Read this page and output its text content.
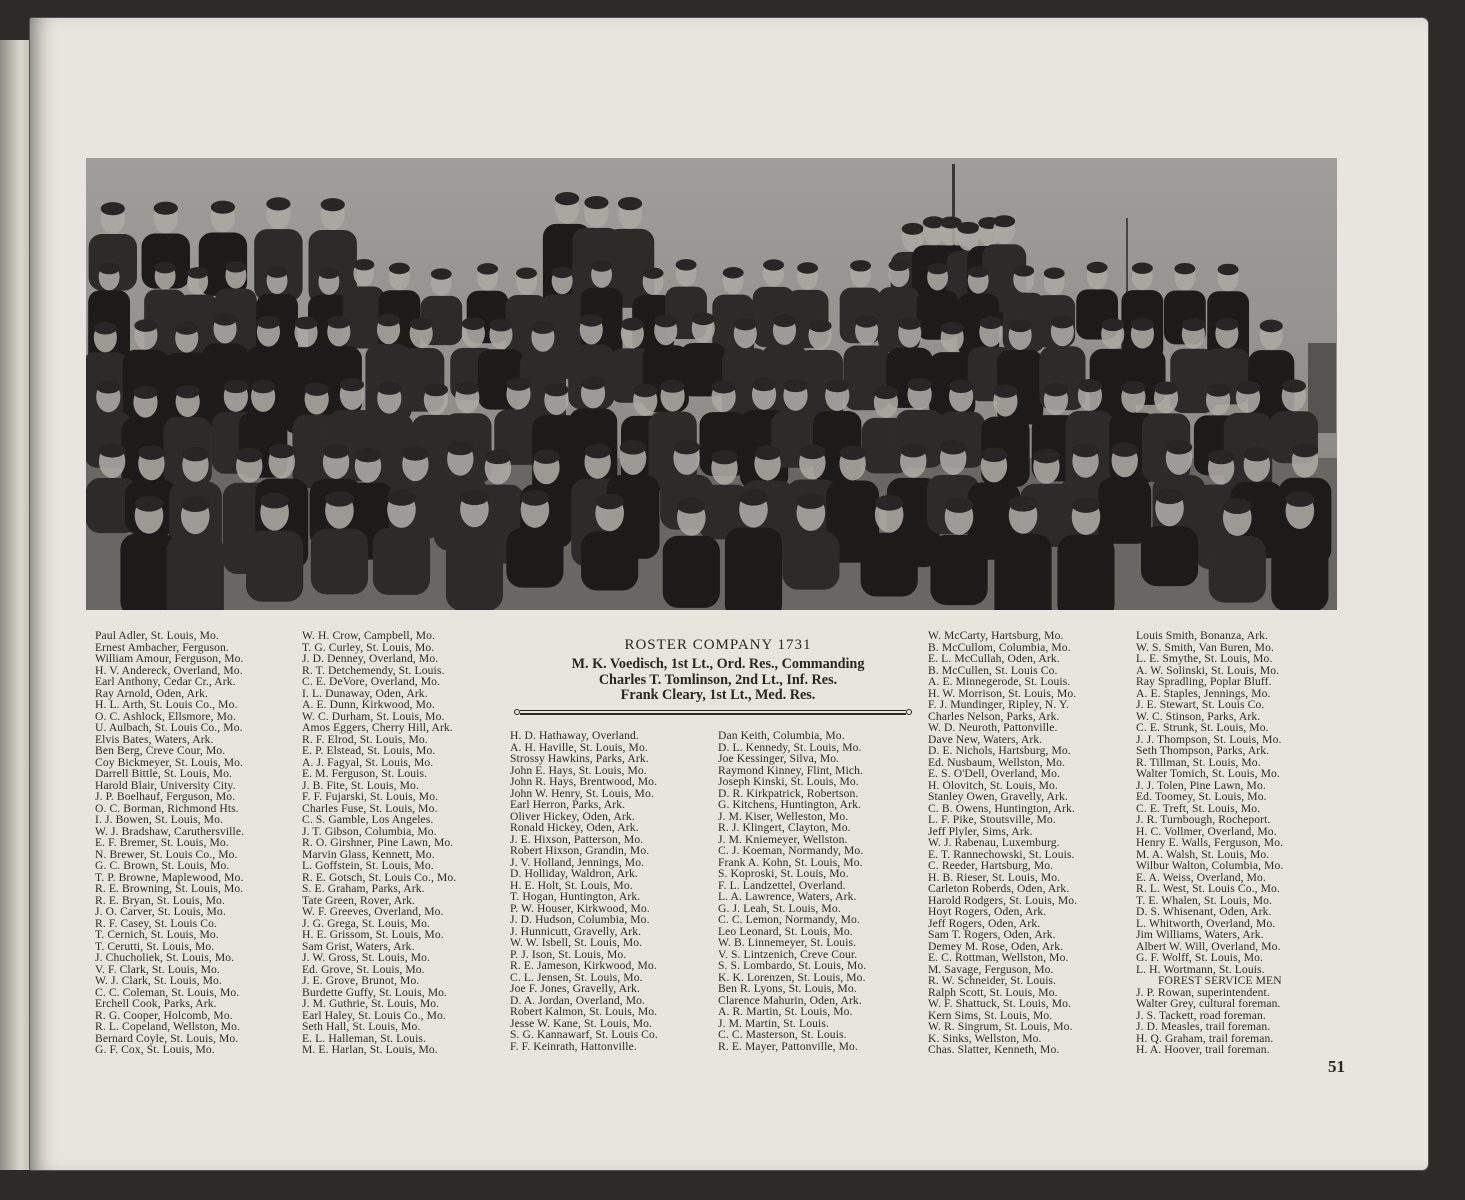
Paul Adler, St. Louis, Mo.
Ernest Ambacher, Ferguson.
William Amour, Ferguson, Mo.
H. V. Andereck, Overland, Mo.
Earl Anthony, Cedar Cr., Ark.
Ray Arnold, Oden, Ark.
H. L. Arth, St. Louis Co., Mo.
O. C. Ashlock, Ellsmore, Mo.
U. Aulbach, St. Louis Co., Mo.
Elvis Bates, Waters, Ark.
Ben Berg, Creve Cour, Mo.
Coy Bickmeyer, St. Louis, Mo.
Darrell Bittle, St. Louis, Mo.
Harold Blair, University City.
J. P. Boelhauf, Ferguson, Mo.
O. C. Borman, Richmond Hts.
I. J. Bowen, St. Louis, Mo.
W. J. Bradshaw, Caruthersville.
E. F. Bremer, St. Louis, Mo.
N. Brewer, St. Louis Co., Mo.
G. C. Brown, St. Louis, Mo.
T. P. Browne, Maplewood, Mo.
R. E. Browning, St. Louis, Mo.
R. E. Bryan, St. Louis, Mo.
J. O. Carver, St. Louis, Mo.
R. F. Casey, St. Louis Co.
T. Cernich, St. Louis, Mo.
T. Cerutti, St. Louis, Mo.
J. Chucholiek, St. Louis, Mo.
V. F. Clark, St. Louis, Mo.
W. J. Clark, St. Louis, Mo.
C. C. Coleman, St. Louis, Mo.
Erchell Cook, Parks, Ark.
R. G. Cooper, Holcomb, Mo.
R. L. Copeland, Wellston, Mo.
Bernard Coyle, St. Louis, Mo.
G. F. Cox, St. Louis, Mo.
W. H. Crow, Campbell, Mo.
T. G. Curley, St. Louis, Mo.
J. D. Denney, Overland, Mo.
R. T. Detchemendy, St. Louis.
C. E. DeVore, Overland, Mo.
I. L. Dunaway, Oden, Ark.
A. E. Dunn, Kirkwood, Mo.
W. C. Durham, St. Louis, Mo.
Amos Eggers, Cherry Hill, Ark.
R. F. Elrod, St. Louis, Mo.
E. P. Elstead, St. Louis, Mo.
A. J. Fagyal, St. Louis, Mo.
E. M. Ferguson, St. Louis.
J. B. Fite, St. Louis, Mo.
F. F. Fujarski, St. Louis, Mo.
Charles Fuse, St. Louis, Mo.
C. S. Gamble, Los Angeles.
J. T. Gibson, Columbia, Mo.
R. O. Girshner, Pine Lawn, Mo.
Marvin Glass, Kennett, Mo.
L. Goffstein, St. Louis, Mo.
R. E. Gotsch, St. Louis Co., Mo.
S. E. Graham, Parks, Ark.
Tate Green, Rover, Ark.
W. F. Greeves, Overland, Mo.
J. G. Grega, St. Louis, Mo.
H. E. Grissom, St. Louis, Mo.
Sam Grist, Waters, Ark.
J. W. Gross, St. Louis, Mo.
Ed. Grove, St. Louis, Mo.
J. E. Grove, Brunot, Mo.
Burdette Guffy, St. Louis, Mo.
J. M. Guthrie, St. Louis, Mo.
Earl Haley, St. Louis Co., Mo.
Seth Hall, St. Louis, Mo.
E. L. Halleman, St. Louis.
M. E. Harlan, St. Louis, Mo.
ROSTER COMPANY 1731
M. K. Voedisch, 1st Lt., Ord. Res., Commanding
Charles T. Tomlinson, 2nd Lt., Inf. Res.
Frank Cleary, 1st Lt., Med. Res.
H. D. Hathaway, Overland.
A. H. Haville, St. Louis, Mo.
Strossy Hawkins, Parks, Ark.
John E. Hays, St. Louis, Mo.
John R. Hays, Brentwood, Mo.
John W. Henry, St. Louis, Mo.
Earl Herron, Parks, Ark.
Oliver Hickey, Oden, Ark.
Ronald Hickey, Oden, Ark.
J. E. Hixson, Patterson, Mo.
Robert Hixson, Grandin, Mo.
J. V. Holland, Jennings, Mo.
D. Holliday, Waldron, Ark.
H. E. Holt, St. Louis, Mo.
T. Hogan, Huntington, Ark.
P. W. Houser, Kirkwood, Mo.
J. D. Hudson, Columbia, Mo.
J. Hunnicutt, Gravelly, Ark.
W. W. Isbell, St. Louis, Mo.
P. J. Ison, St. Louis, Mo.
R. E. Jameson, Kirkwood, Mo.
C. L. Jensen, St. Louis, Mo.
Joe F. Jones, Gravelly, Ark.
D. A. Jordan, Overland, Mo.
Robert Kalmon, St. Louis, Mo.
Jesse W. Kane, St. Louis, Mo.
S. G. Kannawarf, St. Louis Co.
F. F. Keinrath, Hattonville.
Dan Keith, Columbia, Mo.
D. L. Kennedy, St. Louis, Mo.
Joe Kessinger, Silva, Mo.
Raymond Kinney, Flint, Mich.
Joseph Kinski, St. Louis, Mo.
D. R. Kirkpatrick, Robertson.
G. Kitchens, Huntington, Ark.
J. M. Kiser, Welleston, Mo.
R. J. Klingert, Clayton, Mo.
J. M. Kniemeyer, Wellston.
C. J. Koeman, Normandy, Mo.
Frank A. Kohn, St. Louis, Mo.
S. Koproski, St. Louis, Mo.
F. L. Landzettel, Overland.
L. A. Lawrence, Waters, Ark.
G. J. Leah, St. Louis, Mo.
C. C. Lemon, Normandy, Mo.
Leo Leonard, St. Louis, Mo.
W. B. Linnemeyer, St. Louis.
V. S. Lintzenich, Creve Cour.
S. S. Lombardo, St. Louis, Mo.
K. K. Lorenzen, St. Louis, Mo.
Ben R. Lyons, St. Louis, Mo.
Clarence Mahurin, Oden, Ark.
A. R. Martin, St. Louis, Mo.
J. M. Martin, St. Louis.
C. C. Masterson, St. Louis.
R. E. Mayer, Pattonville, Mo.
W. McCarty, Hartsburg, Mo.
B. McCullom, Columbia, Mo.
E. L. McCullah, Oden, Ark.
B. McCullen, St. Louis Co.
A. E. Minnegerode, St. Louis.
H. W. Morrison, St. Louis, Mo.
F. J. Mundinger, Ripley, N. Y.
Charles Nelson, Parks, Ark.
W. D. Neuroth, Pattonville.
Dave New, Waters, Ark.
D. E. Nichols, Hartsburg, Mo.
Ed. Nusbaum, Wellston, Mo.
E. S. O'Dell, Overland, Mo.
H. Olovitch, St. Louis, Mo.
Stanley Owen, Gravelly, Ark.
C. B. Owens, Huntington, Ark.
L. F. Pike, Stoutsville, Mo.
Jeff Plyler, Sims, Ark.
W. J. Rabenau, Luxemburg.
E. T. Rannechowski, St. Louis.
C. Reeder, Hartsburg, Mo.
H. B. Rieser, St. Louis, Mo.
Carleton Roberds, Oden, Ark.
Harold Rodgers, St. Louis, Mo.
Hoyt Rogers, Oden, Ark.
Jeff Rogers, Oden, Ark.
Sam T. Rogers, Oden, Ark.
Demey M. Rose, Oden, Ark.
E. C. Rottman, Wellston, Mo.
M. Savage, Ferguson, Mo.
R. W. Schneider, St. Louis.
Ralph Scott, St. Louis, Mo.
W. F. Shattuck, St. Louis, Mo.
Kern Sims, St. Louis, Mo.
W. R. Singrum, St. Louis, Mo.
K. Sinks, Wellston, Mo.
Chas. Slatter, Kenneth, Mo.
Louis Smith, Bonanza, Ark.
W. S. Smith, Van Buren, Mo.
L. E. Smythe, St. Louis, Mo.
A. W. Solinski, St. Louis, Mo.
Ray Spradling, Poplar Bluff.
A. E. Staples, Jennings, Mo.
J. E. Stewart, St. Louis Co.
W. C. Stinson, Parks, Ark.
C. E. Strunk, St. Louis, Mo.
J. J. Thompson, St. Louis, Mo.
Seth Thompson, Parks, Ark.
R. Tillman, St. Louis, Mo.
Walter Tomich, St. Louis, Mo.
J. J. Tolen, Pine Lawn, Mo.
Ed. Toomey, St. Louis, Mo.
C. E. Treft, St. Louis, Mo.
J. R. Turnbough, Rocheport.
H. C. Vollmer, Overland, Mo.
Henry E. Walls, Ferguson, Mo.
M. A. Walsh, St. Louis, Mo.
Wilbur Walton, Columbia, Mo.
E. A. Weiss, Overland, Mo.
R. L. West, St. Louis Co., Mo.
T. E. Whalen, St. Louis, Mo.
D. S. Whisenant, Oden, Ark.
L. Whitworth, Overland, Mo.
Jim Williams, Waters, Ark.
Albert W. Will, Overland, Mo.
G. F. Wolff, St. Louis, Mo.
L. H. Wortmann, St. Louis.
FOREST SERVICE MEN
J. P. Rowan, superintendent.
Walter Grey, cultural foreman.
J. S. Tackett, road foreman.
J. D. Measles, trail foreman.
H. Q. Graham, trail foreman.
H. A. Hoover, trail foreman.
51
